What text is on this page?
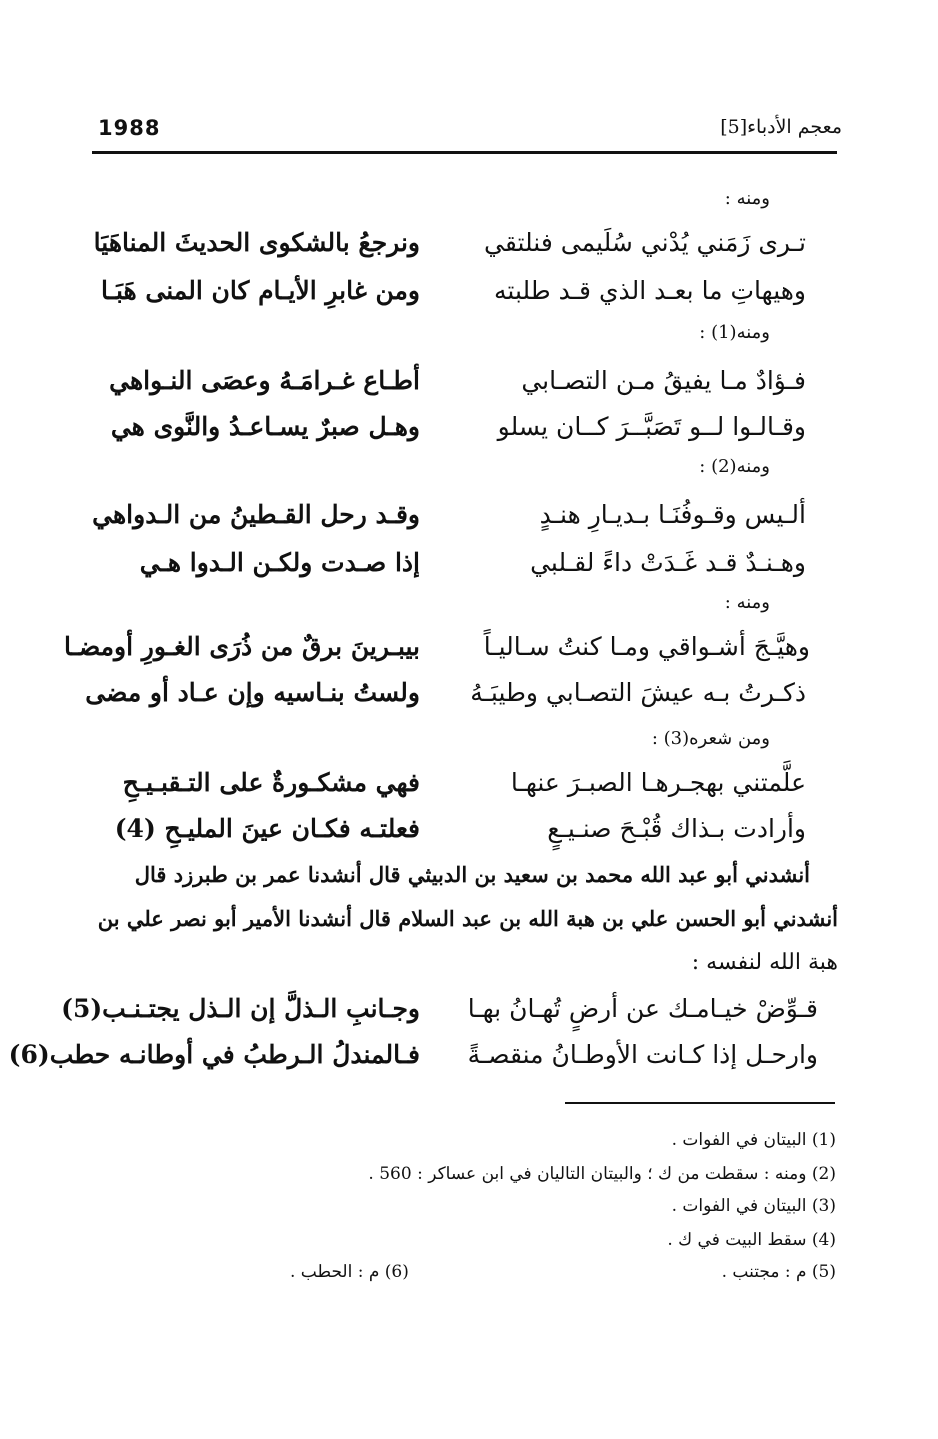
1988	معجم الأدباء[5]
ومنه :
تـرى زَمَني يُدْني سُلَيمى فنلتقي
ونرجعُ بالشكوى الحديثَ المناهَيَا
وهيهاتِ ما بعـد الذي قـد طلبته
ومن غابرِ الأيـام كان المنى هَبَـا
ومنه(1) :
فـؤادٌ مـا يفيقُ مـن التصـابي
أطـاع غـرامَـهُ وعصَى النـواهي
وقـالـوا لــو تَصَبَّــرَ كــان يسلو
وهـل صبرٌ يسـاعـدُ والنَّوى هي
ومنه(2) :
ألـيس وقـوفُنَـا بـديـارِ هنـدٍ
وقـد رحل القـطينُ من الـدواهي
وهـنـدٌ قـد غَـدَتْ داءً لقـلبي
إذا صـدت ولكـن الـدوا هـي
ومنه :
وهيَّـجَ أشـواقي ومـا كنتُ سـاليـاً
بيبـرينَ برقٌ من ذُرَى الغـورِ أومضـا
ذكـرتُ بـه عيشَ التصـابي وطيبَـهُ
ولستُ بنـاسيه وإن عـاد أو مضى
ومن شعره(3) :
علَّمتني بهجـرهـا الصبـرَ عنهـا
فهي مشكـورةٌ على التـقبـيـحِ
وأرادت بـذاك قُبْـحَ صنـيـعٍ
فعلتـه فكـان عينَ المليـحِ (4)
أنشدني أبو عبد الله محمد بن سعيد بن الدبيثي قال أنشدنا عمر بن طبرزد قال
أنشدني أبو الحسن علي بن هبة الله بن عبد السلام قال أنشدنا الأمير أبو نصر علي بن
هبة الله لنفسه :
قـوِّضْ خيـامـك عن أرضٍ تُهـانُ بهـا
وجـانبِ الـذلَّ إن الـذل يجتـنـب(5)
وارحـل إذا كـانت الأوطـانُ منقصـةً
فـالمندلُ الـرطبُ في أوطانـه حطب(6)
(1) البيتان في الفوات .
(2) ومنه : سقطت من ك ؛ والبيتان التاليان في ابن عساكر : 560 .
(3) البيتان في الفوات .
(4) سقط البيت في ك .
(5) م : مجتنب .
(6) م : الحطب .
